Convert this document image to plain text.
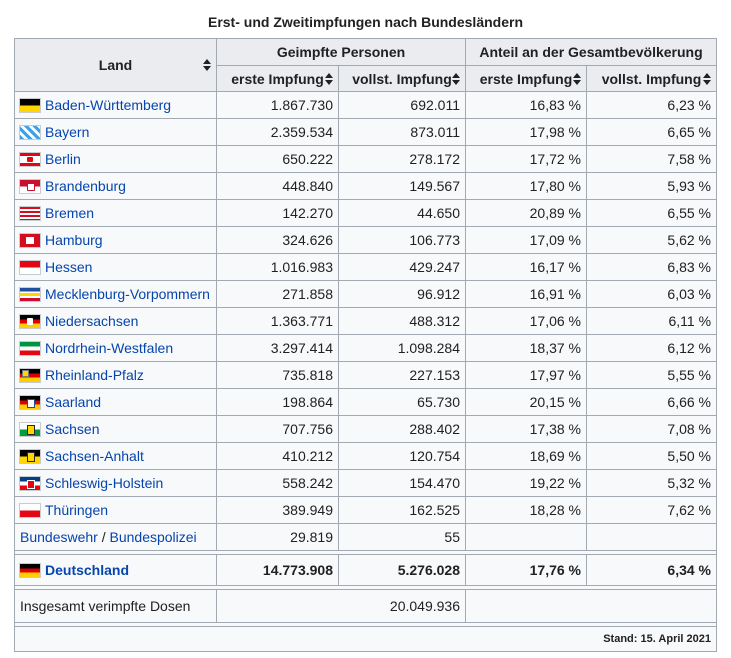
Erst- und Zweitimpfungen nach Bundesländern
Land	Geimpfte Personen		Anteil an der Gesamtbevölkerung	
	erste Impfung	vollst. Impfung	erste Impfung	vollst. Impfung

Baden-Württemberg	1.867.730	692.011	16,83 %	6,23 %
Bayern	2.359.534	873.011	17,98 %	6,65 %

Berlin	650.222	278.172	17,72 %	7,58 %

Brandenburg	448.840	149.567	17,80 %	5,93 %
Bremen	142.270	44.650	20,89 %	6,55 %

Hamburg	324.626	106.773	17,09 %	5,62 %
Hessen	1.016.983	429.247	16,17 %	6,83 %

Mecklenburg-Vorpommern	271.858	96.912	16,91 %	6,03 %

Niedersachsen	1.363.771	488.312	17,06 %	6,11 %
Nordrhein-Westfalen	3.297.414	1.098.284	18,37 %	6,12 %

Rheinland-Pfalz	735.818	227.153	17,97 %	5,55 %

Saarland	198.864	65.730	20,15 %	6,66 %

Sachsen	707.756	288.402	17,38 %	7,08 %

Sachsen-Anhalt	410.212	120.754	18,69 %	5,50 %

Schleswig-Holstein	558.242	154.470	19,22 %	5,32 %
Thüringen	389.949	162.525	18,28 %	7,62 %
Bundeswehr / Bundespolizei	29.819	55		

Deutschland	14.773.908	5.276.028	17,76 %	6,34 %

Insgesamt verimpfte Dosen	20.049.936			

Stand: 15. April 2021				
